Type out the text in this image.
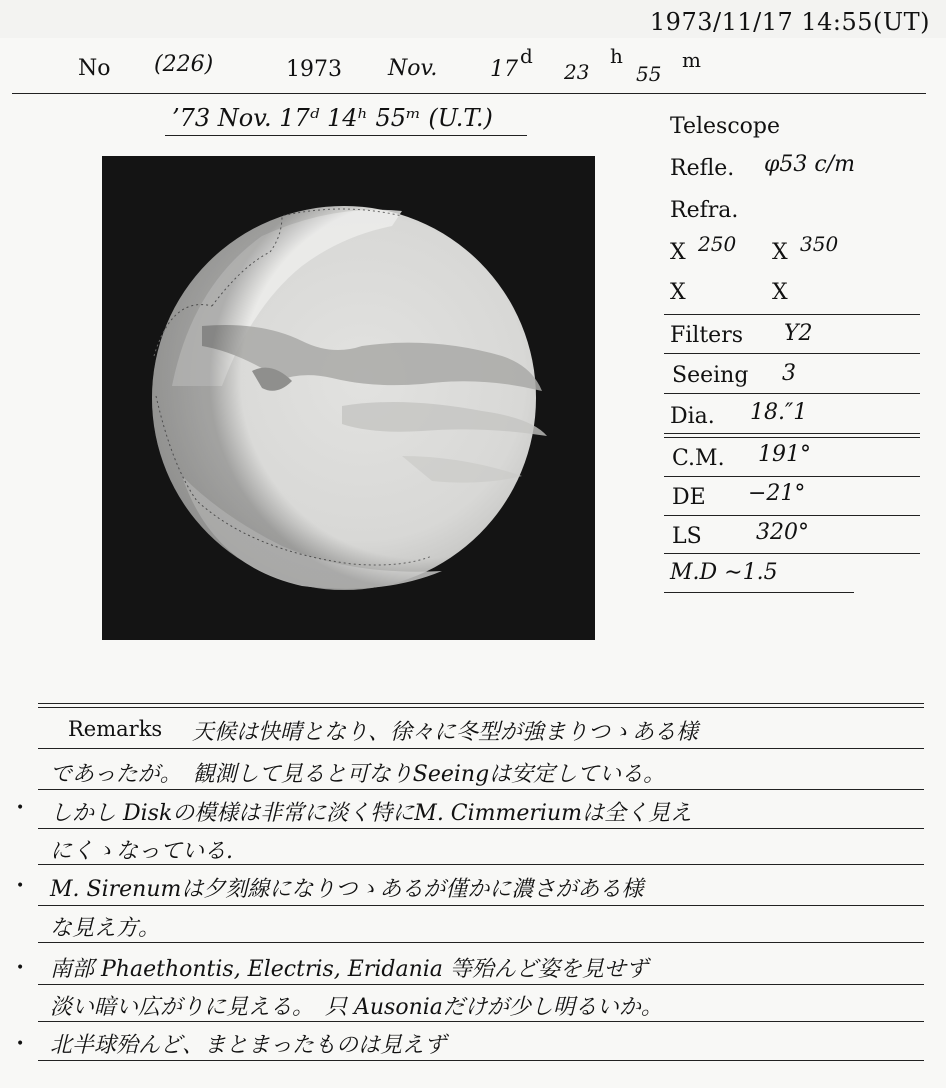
1973/11/17 14:55(UT)
No (226)	1973 Nov. 17
d
23
h
55
m
’73 Nov. 17ᵈ 14ʰ 55ᵐ (U.T.)	Telescope
Refle. φ53 c/m
Refra.
X 250 X 350
X	X
Filters Y2
Seeing 3
Dia. 18.″1
C.M. 191°
DE −21°
LS 320°
M.D ∼1.5
Remarks 天候は快晴となり、徐々に冬型が強まりつゝある様
であったが。　観測して見ると可なりSeeingは安定している。
• しかし Diskの模様は非常に淡く特にM. Cimmeriumは全く見え
にくゝなっている.
• M. Sirenumは夕刻線になりつゝあるが僅かに濃さがある様
な見え方。
• 南部 Phaethontis, Electris, Eridania 等殆んど姿を見せず
淡い暗い広がりに見える。　只 Ausoniaだけが少し明るいか。
• 北半球殆んど、まとまったものは見えず
